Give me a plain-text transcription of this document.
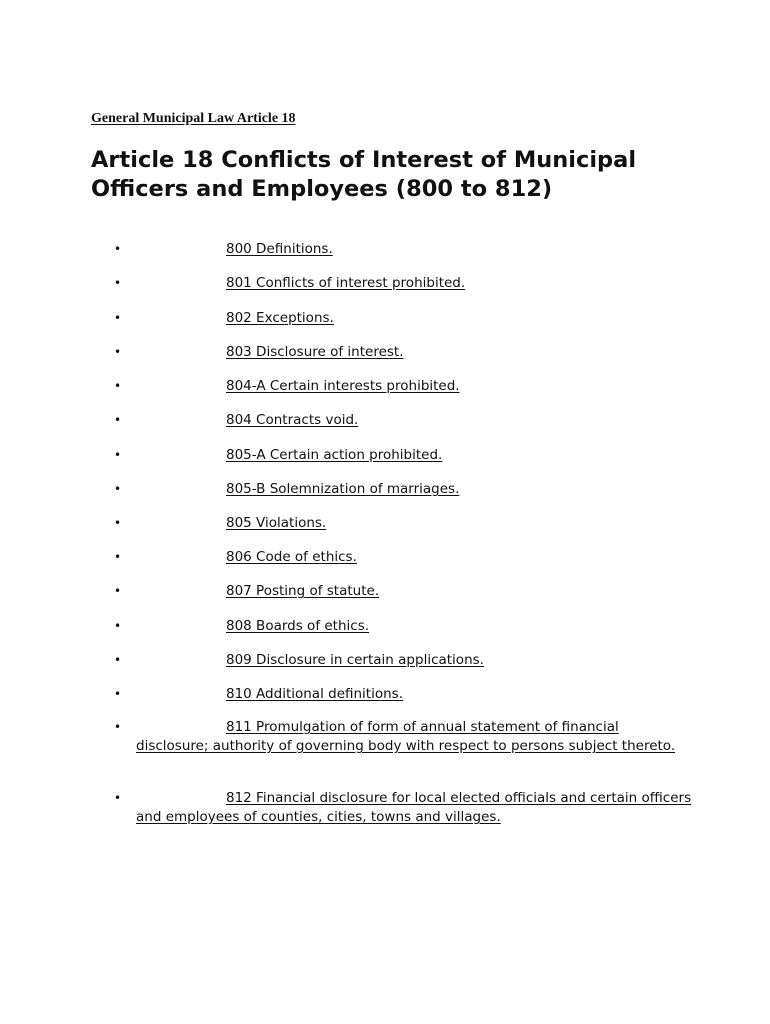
General Municipal Law Article 18
Article 18 Conflicts of Interest of Municipal Officers and Employees (800 to 812)
•	800 Definitions.
•	801 Conflicts of interest prohibited.
•	802 Exceptions.
•	803 Disclosure of interest.
•	804-A Certain interests prohibited.
•	804 Contracts void.
•	805-A Certain action prohibited.
•	805-B Solemnization of marriages.
•	805 Violations.
•	806 Code of ethics.
•	807 Posting of statute.
•	808 Boards of ethics.
•	809 Disclosure in certain applications.
•	810 Additional definitions.
•	811 Promulgation of form of annual statement of financial disclosure; authority of governing body with respect to persons subject thereto.
•	812 Financial disclosure for local elected officials and certain officers and employees of counties, cities, towns and villages.
